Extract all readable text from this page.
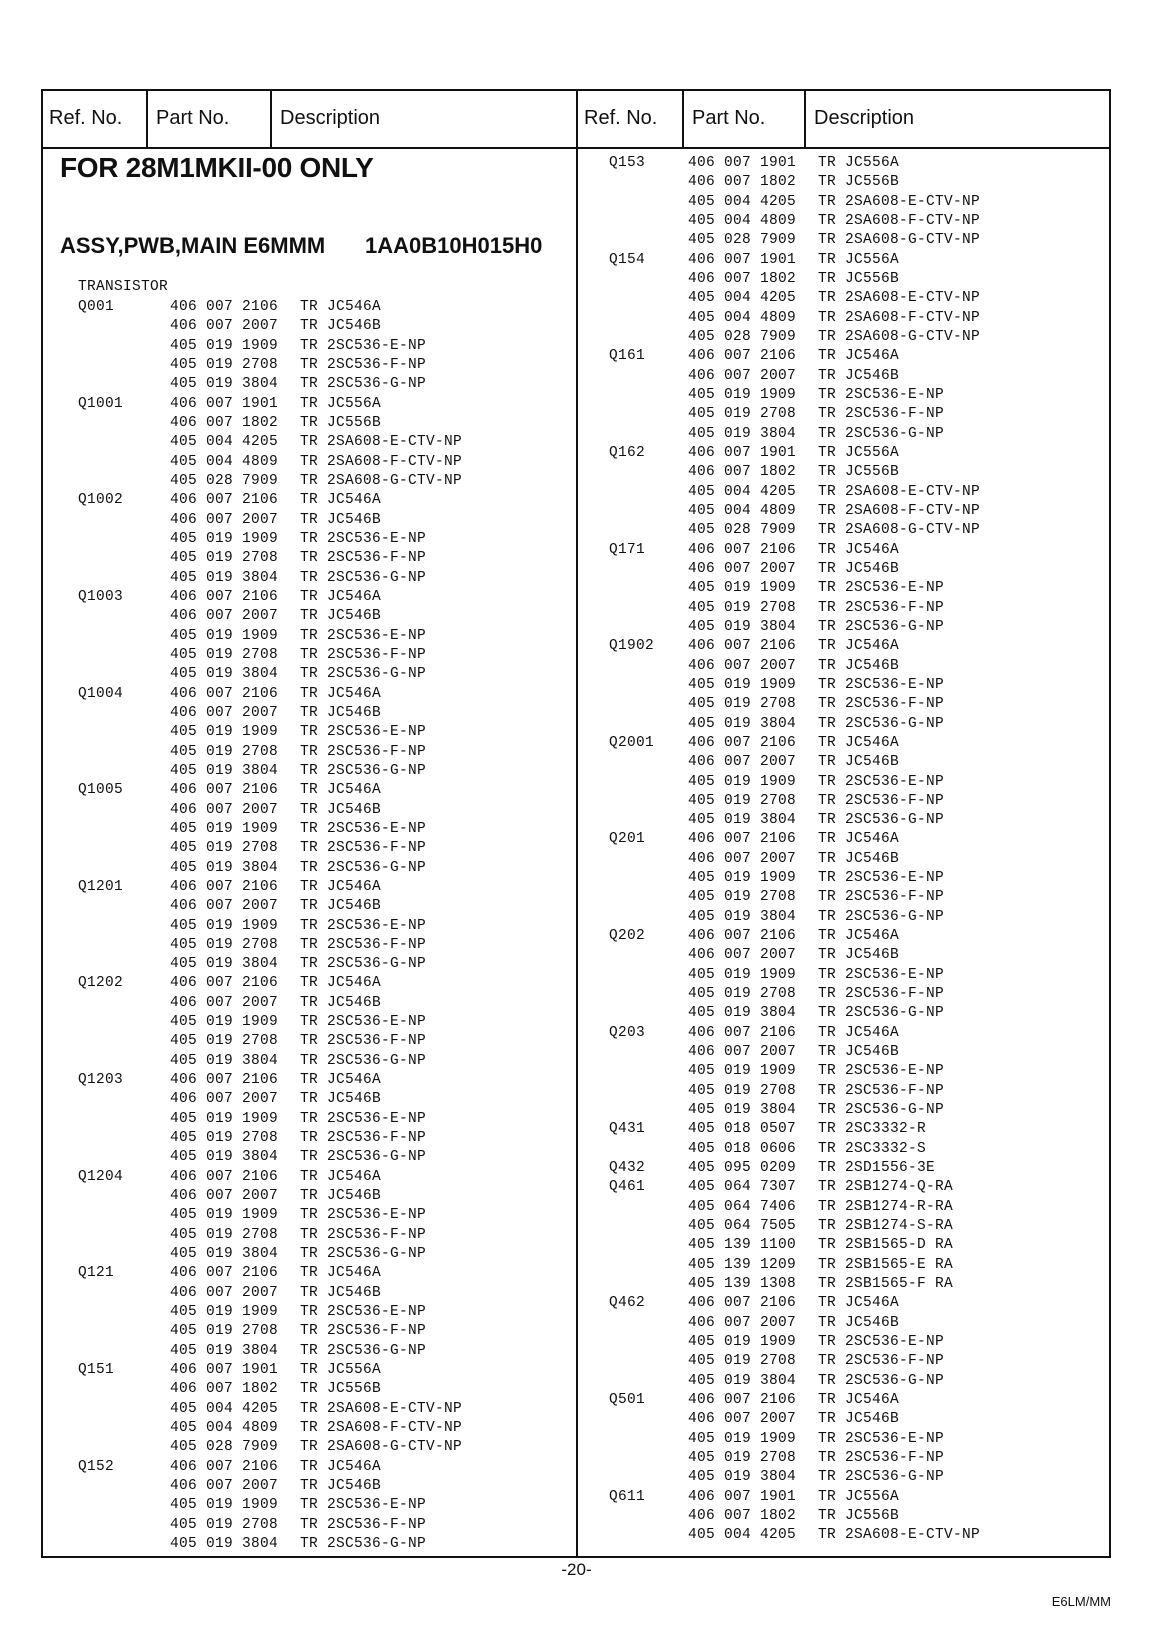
Ref. No.	Part No.	Description	Ref. No.	Part No.	Description
FOR 28M1MKII-00 ONLY
ASSY,PWB,MAIN E6MMM 1AA0B10H015H0
TRANSISTOR
Q001	406 007 2106 TR JC546A
406 007 2007 TR JC546B
405 019 1909 TR 2SC536-E-NP
405 019 2708 TR 2SC536-F-NP
405 019 3804 TR 2SC536-G-NP
Q1001	406 007 1901 TR JC556A
406 007 1802 TR JC556B
405 004 4205 TR 2SA608-E-CTV-NP
405 004 4809 TR 2SA608-F-CTV-NP
405 028 7909 TR 2SA608-G-CTV-NP
Q1002	406 007 2106 TR JC546A
406 007 2007 TR JC546B
405 019 1909 TR 2SC536-E-NP
405 019 2708 TR 2SC536-F-NP
405 019 3804 TR 2SC536-G-NP
Q1003	406 007 2106 TR JC546A
406 007 2007 TR JC546B
405 019 1909 TR 2SC536-E-NP
405 019 2708 TR 2SC536-F-NP
405 019 3804 TR 2SC536-G-NP
Q1004	406 007 2106 TR JC546A
406 007 2007 TR JC546B
405 019 1909 TR 2SC536-E-NP
405 019 2708 TR 2SC536-F-NP
405 019 3804 TR 2SC536-G-NP
Q1005	406 007 2106 TR JC546A
406 007 2007 TR JC546B
405 019 1909 TR 2SC536-E-NP
405 019 2708 TR 2SC536-F-NP
405 019 3804 TR 2SC536-G-NP
Q1201	406 007 2106 TR JC546A
406 007 2007 TR JC546B
405 019 1909 TR 2SC536-E-NP
405 019 2708 TR 2SC536-F-NP
405 019 3804 TR 2SC536-G-NP
Q1202	406 007 2106 TR JC546A
406 007 2007 TR JC546B
405 019 1909 TR 2SC536-E-NP
405 019 2708 TR 2SC536-F-NP
405 019 3804 TR 2SC536-G-NP
Q1203	406 007 2106 TR JC546A
406 007 2007 TR JC546B
405 019 1909 TR 2SC536-E-NP
405 019 2708 TR 2SC536-F-NP
405 019 3804 TR 2SC536-G-NP
Q1204	406 007 2106 TR JC546A
406 007 2007 TR JC546B
405 019 1909 TR 2SC536-E-NP
405 019 2708 TR 2SC536-F-NP
405 019 3804 TR 2SC536-G-NP
Q121	406 007 2106 TR JC546A
406 007 2007 TR JC546B
405 019 1909 TR 2SC536-E-NP
405 019 2708 TR 2SC536-F-NP
405 019 3804 TR 2SC536-G-NP
Q151	406 007 1901 TR JC556A
406 007 1802 TR JC556B
405 004 4205 TR 2SA608-E-CTV-NP
405 004 4809 TR 2SA608-F-CTV-NP
405 028 7909 TR 2SA608-G-CTV-NP
Q152	406 007 2106 TR JC546A
406 007 2007 TR JC546B
405 019 1909 TR 2SC536-E-NP
405 019 2708 TR 2SC536-F-NP
405 019 3804 TR 2SC536-G-NP
Q153	406 007 1901 TR JC556A
406 007 1802 TR JC556B
405 004 4205 TR 2SA608-E-CTV-NP
405 004 4809 TR 2SA608-F-CTV-NP
405 028 7909 TR 2SA608-G-CTV-NP
Q154	406 007 1901 TR JC556A
406 007 1802 TR JC556B
405 004 4205 TR 2SA608-E-CTV-NP
405 004 4809 TR 2SA608-F-CTV-NP
405 028 7909 TR 2SA608-G-CTV-NP
Q161	406 007 2106 TR JC546A
406 007 2007 TR JC546B
405 019 1909 TR 2SC536-E-NP
405 019 2708 TR 2SC536-F-NP
405 019 3804 TR 2SC536-G-NP
Q162	406 007 1901 TR JC556A
406 007 1802 TR JC556B
405 004 4205 TR 2SA608-E-CTV-NP
405 004 4809 TR 2SA608-F-CTV-NP
405 028 7909 TR 2SA608-G-CTV-NP
Q171	406 007 2106 TR JC546A
406 007 2007 TR JC546B
405 019 1909 TR 2SC536-E-NP
405 019 2708 TR 2SC536-F-NP
405 019 3804 TR 2SC536-G-NP
Q1902 406 007 2106 TR JC546A
406 007 2007 TR JC546B
405 019 1909 TR 2SC536-E-NP
405 019 2708 TR 2SC536-F-NP
405 019 3804 TR 2SC536-G-NP
Q2001 406 007 2106 TR JC546A
406 007 2007 TR JC546B
405 019 1909 TR 2SC536-E-NP
405 019 2708 TR 2SC536-F-NP
405 019 3804 TR 2SC536-G-NP
Q201	406 007 2106 TR JC546A
406 007 2007 TR JC546B
405 019 1909 TR 2SC536-E-NP
405 019 2708 TR 2SC536-F-NP
405 019 3804 TR 2SC536-G-NP
Q202	406 007 2106 TR JC546A
406 007 2007 TR JC546B
405 019 1909 TR 2SC536-E-NP
405 019 2708 TR 2SC536-F-NP
405 019 3804 TR 2SC536-G-NP
Q203	406 007 2106 TR JC546A
406 007 2007 TR JC546B
405 019 1909 TR 2SC536-E-NP
405 019 2708 TR 2SC536-F-NP
405 019 3804 TR 2SC536-G-NP
Q431	405 018 0507 TR 2SC3332-R
405 018 0606 TR 2SC3332-S
Q432	405 095 0209 TR 2SD1556-3E
Q461	405 064 7307 TR 2SB1274-Q-RA
405 064 7406 TR 2SB1274-R-RA
405 064 7505 TR 2SB1274-S-RA
405 139 1100 TR 2SB1565-D RA
405 139 1209 TR 2SB1565-E RA
405 139 1308 TR 2SB1565-F RA
Q462	406 007 2106 TR JC546A
406 007 2007 TR JC546B
405 019 1909 TR 2SC536-E-NP
405 019 2708 TR 2SC536-F-NP
405 019 3804 TR 2SC536-G-NP
Q501	406 007 2106 TR JC546A
406 007 2007 TR JC546B
405 019 1909 TR 2SC536-E-NP
405 019 2708 TR 2SC536-F-NP
405 019 3804 TR 2SC536-G-NP
Q611	406 007 1901 TR JC556A
406 007 1802 TR JC556B
405 004 4205 TR 2SA608-E-CTV-NP
-20-
E6LM/MM
